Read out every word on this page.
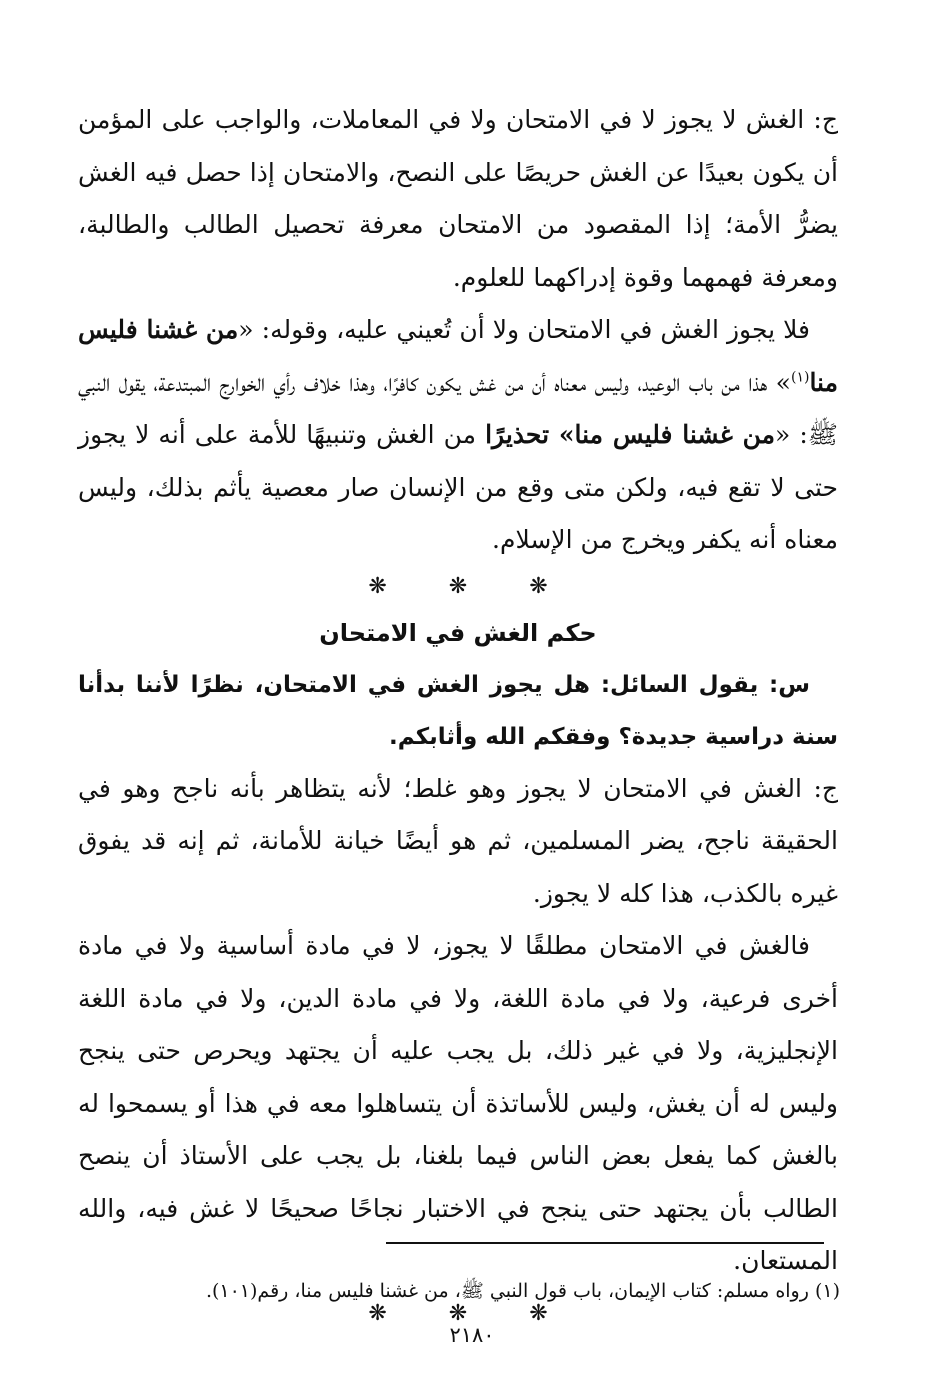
ج: الغش لا يجوز لا في الامتحان ولا في المعاملات، والواجب على المؤمن أن يكون بعيدًا عن الغش حريصًا على النصح، والامتحان إذا حصل فيه الغش يضرُّ الأمة؛ إذا المقصود من الامتحان معرفة تحصيل الطالب والطالبة، ومعرفة فهمهما وقوة إدراكهما للعلوم.

فلا يجوز الغش في الامتحان ولا أن تُعيني عليه، وقوله: «من غشنا فليس منا$^{(١)}$» هذا من باب الوعيد، وليس معناه أن من غش يكون كافرًا، وهذا خلاف رأي الخوارج المبتدعة، يقول النبي ﷺ: «من غشنا فليس منا» تحذيرًا من الغش وتنبيهًا للأمة على أنه لا يجوز حتى لا تقع فيه، ولكن متى وقع من الإنسان صار معصية يأثم بذلك، وليس معناه أنه يكفر ويخرج من الإسلام.

❋	❋	❋
حكم الغش في الامتحان

س: يقول السائل: هل يجوز الغش في الامتحان، نظرًا لأننا بدأنا سنة دراسية جديدة؟ وفقكم الله وأثابكم.

ج: الغش في الامتحان لا يجوز وهو غلط؛ لأنه يتظاهر بأنه ناجح وهو في الحقيقة ناجح، يضر المسلمين، ثم هو أيضًا خيانة للأمانة، ثم إنه قد يفوق غيره بالكذب، هذا كله لا يجوز.

فالغش في الامتحان مطلقًا لا يجوز، لا في مادة أساسية ولا في مادة أخرى فرعية، ولا في مادة اللغة، ولا في مادة الدين، ولا في مادة اللغة الإنجليزية، ولا في غير ذلك، بل يجب عليه أن يجتهد ويحرص حتى ينجح وليس له أن يغش، وليس للأساتذة أن يتساهلوا معه في هذا أو يسمحوا له بالغش كما يفعل بعض الناس فيما بلغنا، بل يجب على الأستاذ أن ينصح الطالب بأن يجتهد حتى ينجح في الاختبار نجاحًا صحيحًا لا غش فيه، والله المستعان.

❋	❋	❋
(١) رواه مسلم: كتاب الإيمان، باب قول النبي ﷺ، من غشنا فليس منا، رقم(١٠١).
٢١٨٠
